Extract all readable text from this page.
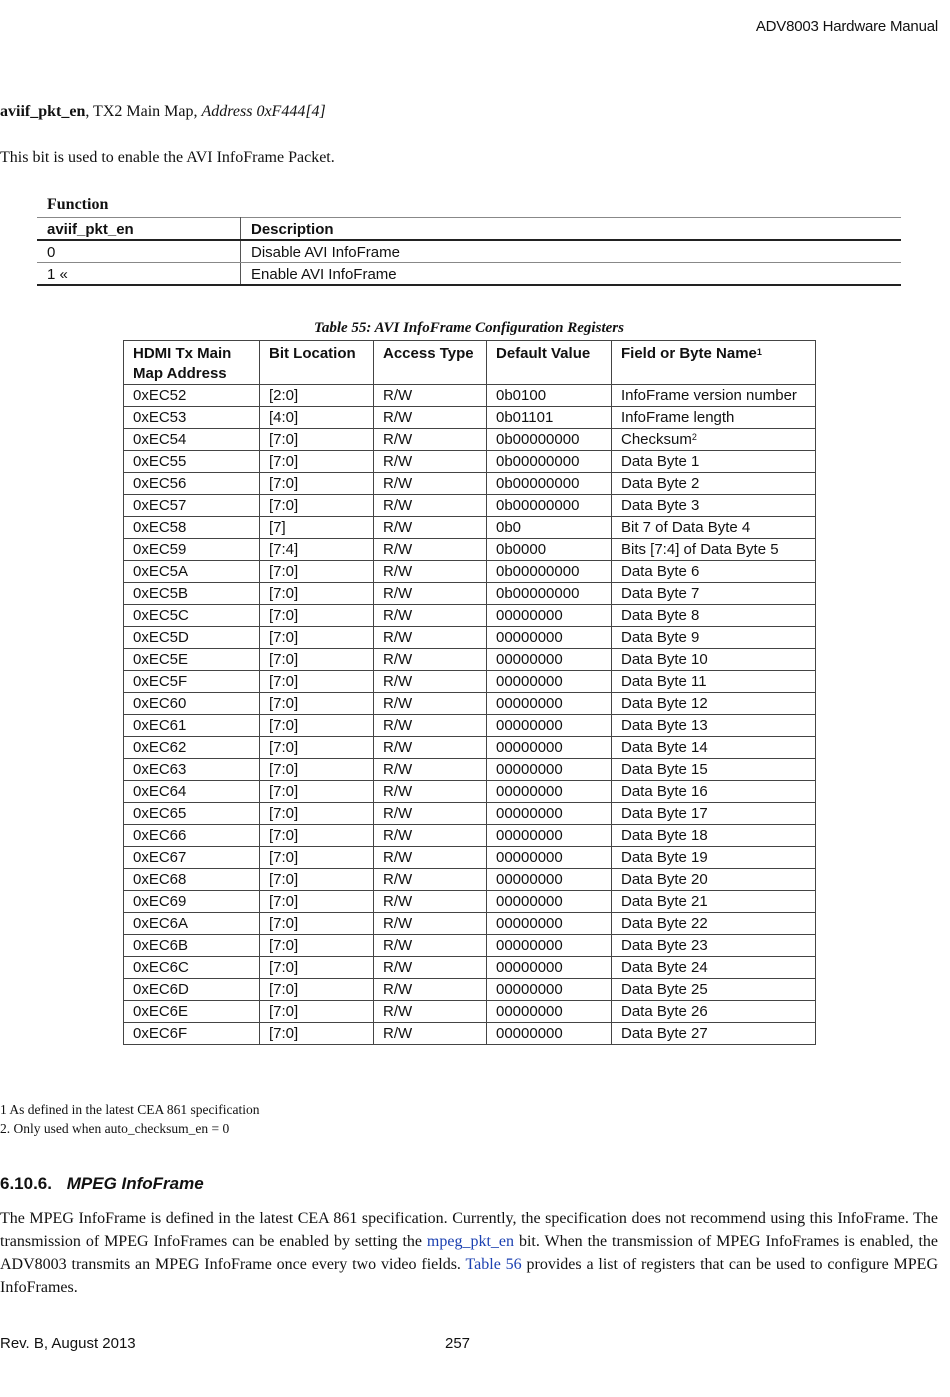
ADV8003 Hardware Manual
aviif_pkt_en, TX2 Main Map, Address 0xF444[4]
This bit is used to enable the AVI InfoFrame Packet.
Function
aviif_pkt_en	Description
0	Disable AVI InfoFrame
1 «	Enable AVI InfoFrame
Table 55: AVI InfoFrame Configuration Registers
HDMI Tx Main Map Address	Bit Location	Access Type	Default Value	Field or Byte Name$^1$
0xEC52	[2:0]	R/W	0b0100	InfoFrame version number
0xEC53	[4:0]	R/W	0b01101	InfoFrame length
0xEC54	[7:0]	R/W	0b00000000	Checksum$^2$
0xEC55	[7:0]	R/W	0b00000000	Data Byte 1
0xEC56	[7:0]	R/W	0b00000000	Data Byte 2
0xEC57	[7:0]	R/W	0b00000000	Data Byte 3
0xEC58	[7]	R/W	0b0	Bit 7 of Data Byte 4
0xEC59	[7:4]	R/W	0b0000	Bits [7:4] of Data Byte 5
0xEC5A	[7:0]	R/W	0b00000000	Data Byte 6
0xEC5B	[7:0]	R/W	0b00000000	Data Byte 7
0xEC5C	[7:0]	R/W	00000000	Data Byte 8
0xEC5D	[7:0]	R/W	00000000	Data Byte 9
0xEC5E	[7:0]	R/W	00000000	Data Byte 10
0xEC5F	[7:0]	R/W	00000000	Data Byte 11
0xEC60	[7:0]	R/W	00000000	Data Byte 12
0xEC61	[7:0]	R/W	00000000	Data Byte 13
0xEC62	[7:0]	R/W	00000000	Data Byte 14
0xEC63	[7:0]	R/W	00000000	Data Byte 15
0xEC64	[7:0]	R/W	00000000	Data Byte 16
0xEC65	[7:0]	R/W	00000000	Data Byte 17
0xEC66	[7:0]	R/W	00000000	Data Byte 18
0xEC67	[7:0]	R/W	00000000	Data Byte 19
0xEC68	[7:0]	R/W	00000000	Data Byte 20
0xEC69	[7:0]	R/W	00000000	Data Byte 21
0xEC6A	[7:0]	R/W	00000000	Data Byte 22
0xEC6B	[7:0]	R/W	00000000	Data Byte 23
0xEC6C	[7:0]	R/W	00000000	Data Byte 24
0xEC6D	[7:0]	R/W	00000000	Data Byte 25
0xEC6E	[7:0]	R/W	00000000	Data Byte 26
0xEC6F	[7:0]	R/W	00000000	Data Byte 27
1 As defined in the latest CEA 861 specification
2. Only used when auto_checksum_en = 0
6.10.6. MPEG InfoFrame
The MPEG InfoFrame is defined in the latest CEA 861 specification. Currently, the specification does not recommend using this InfoFrame. The transmission of MPEG InfoFrames can be enabled by setting the mpeg_pkt_en bit. When the transmission of MPEG InfoFrames is enabled, the ADV8003 transmits an MPEG InfoFrame once every two video fields. Table 56 provides a list of registers that can be used to configure MPEG InfoFrames.
Rev. B, August 2013	257
